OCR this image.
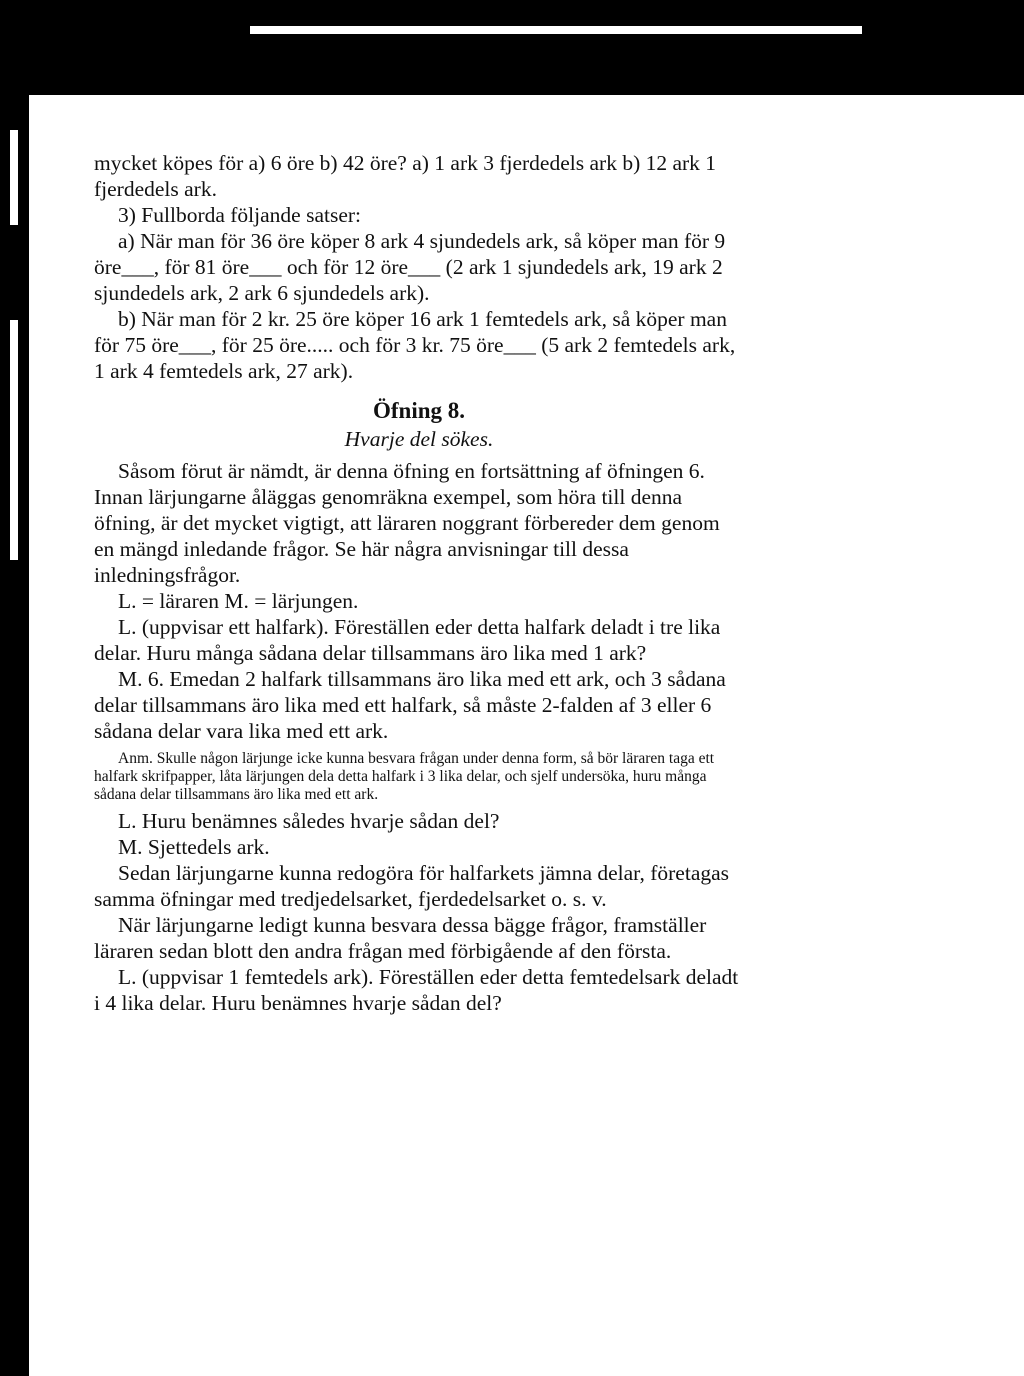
mycket köpes för a) 6 öre b) 42 öre? a) 1 ark 3 fjerdedels ark b) 12 ark 1 fjerdedels ark.

3) Fullborda följande satser:

a) När man för 36 öre köper 8 ark 4 sjundedels ark, så köper man för 9 öre___, för 81 öre___ och för 12 öre___ (2 ark 1 sjundedels ark, 19 ark 2 sjundedels ark, 2 ark 6 sjundedels ark).

b) När man för 2 kr. 25 öre köper 16 ark 1 femtedels ark, så köper man för 75 öre___, för 25 öre..... och för 3 kr. 75 öre___ (5 ark 2 femtedels ark, 1 ark 4 femtedels ark, 27 ark).

Öfning 8.

Hvarje del sökes.

Såsom förut är nämdt, är denna öfning en fortsättning af öfningen 6. Innan lärjungarne åläggas genomräkna exempel, som höra till denna öfning, är det mycket vigtigt, att läraren noggrant förbereder dem genom en mängd inledande frågor. Se här några anvisningar till dessa inledningsfrågor.

L. = läraren M. = lärjungen.

L. (uppvisar ett halfark). Föreställen eder detta halfark deladt i tre lika delar. Huru många sådana delar tillsammans äro lika med 1 ark?

M. 6. Emedan 2 halfark tillsammans äro lika med ett ark, och 3 sådana delar tillsammans äro lika med ett halfark, så måste 2-falden af 3 eller 6 sådana delar vara lika med ett ark.

Anm. Skulle någon lärjunge icke kunna besvara frågan under denna form, så bör läraren taga ett halfark skrifpapper, låta lärjungen dela detta halfark i 3 lika delar, och sjelf undersöka, huru många sådana delar tillsammans äro lika med ett ark.

L. Huru benämnes således hvarje sådan del?

M. Sjettedels ark.

Sedan lärjungarne kunna redogöra för halfarkets jämna delar, företagas samma öfningar med tredjedelsarket, fjerdedelsarket o. s. v.

När lärjungarne ledigt kunna besvara dessa bägge frågor, framställer läraren sedan blott den andra frågan med förbigående af den första.

L. (uppvisar 1 femtedels ark). Föreställen eder detta femtedelsark deladt i 4 lika delar. Huru benämnes hvarje sådan del?
